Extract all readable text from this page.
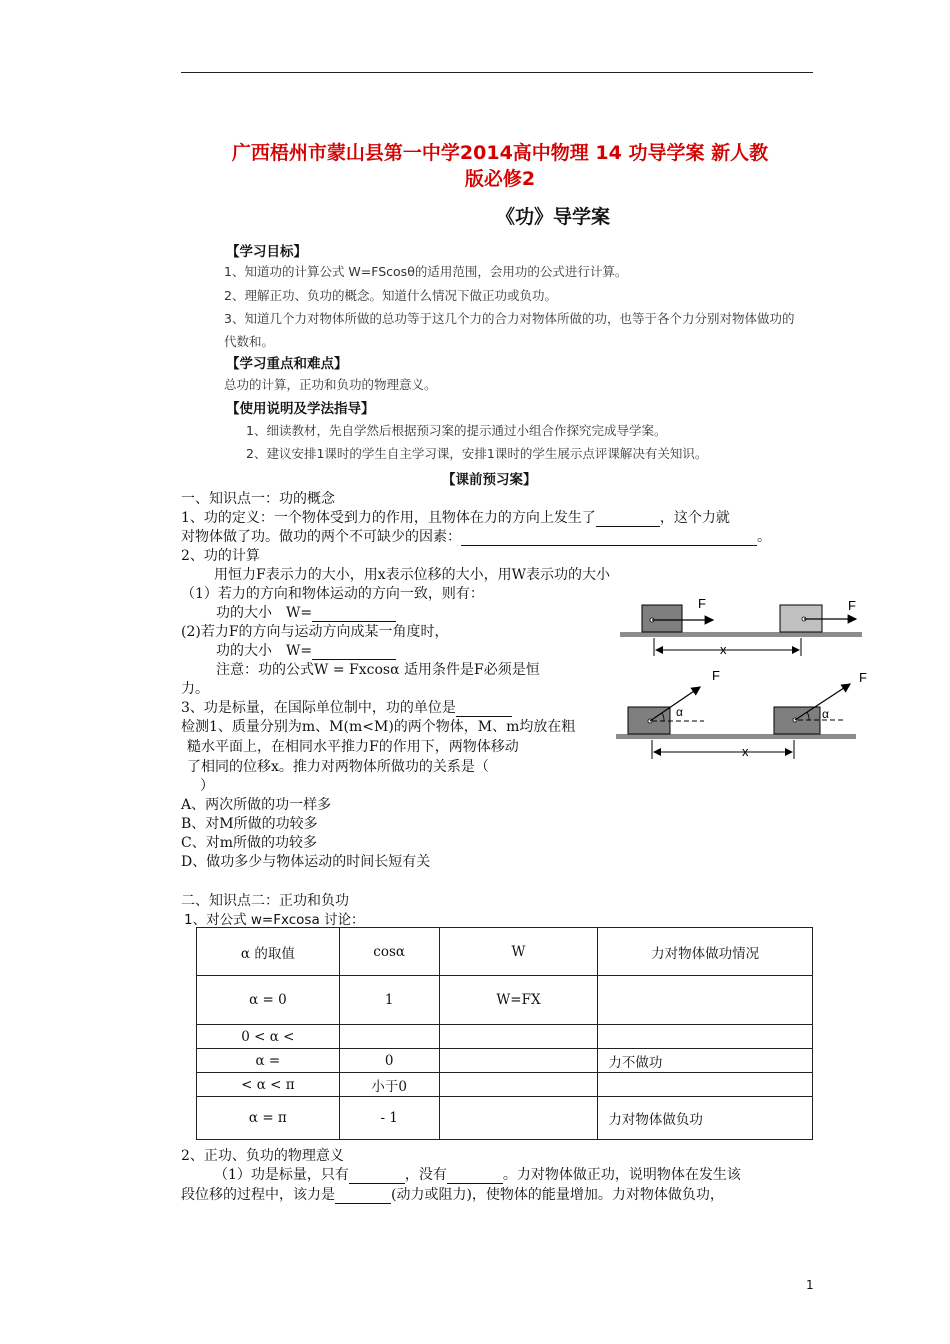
广西梧州市蒙山县第一中学2014高中物理 14 功导学案 新人教
版必修2
《功》导学案
【学习目标】
1、知道功的计算公式 W=FScosθ的适用范围，会用功的公式进行计算。
2、理解正功、负功的概念。知道什么情况下做正功或负功。
3、知道几个力对物体所做的总功等于这几个力的合力对物体所做的功，也等于各个力分别对物体做功的
代数和。
【学习重点和难点】
总功的计算，正功和负功的物理意义。
【使用说明及学法指导】
1、细读教材，先自学然后根据预习案的提示通过小组合作探究完成导学案。
2、建议安排1课时的学生自主学习课，安排1课时的学生展示点评课解决有关知识。
【课前预习案】
一、知识点一：功的概念
1、功的定义：一个物体受到力的作用，且物体在力的方向上发生了	，这个力就
对物体做了功。做功的两个不可缺少的因素：	。
2、功的计算
用恒力F表示力的大小，用x表示位移的大小，用W表示功的大小
（1）若力的方向和物体运动的方向一致，则有：
功的大小　W=
(2)若力F的方向与运动方向成某一角度时，
功的大小　W=
注意：功的公式W = Fxcosα 适用条件是F必须是恒
力。
3、功是标量，在国际单位制中，功的单位是
检测1、质量分别为m、M(m<M)的两个物体，M、m均放在粗
糙水平面上，在相同水平推力F的作用下，两物体移动
了相同的位移x。推力对两物体所做功的关系是（
）
A、两次所做的功一样多
B、对M所做的功较多
C、对m所做的功较多
D、做功多少与物体运动的时间长短有关
F	F
x
α	α
F	F
x
二、知识点二：正功和负功
1、对公式 w=Fxcosa 讨论：
α 的取值	cosα	W	力对物体做功情况
α = 0	1	W=FX	
0 < α <			
α =	0		力不做功
< α < π	小于0		
α = π	- 1		力对物体做负功
2、正功、负功的物理意义
（1）功是标量，只有	，没有	。力对物体做正功，说明物体在发生该
段位移的过程中，该力是	(动力或阻力)，使物体的能量增加。力对物体做负功，
1
